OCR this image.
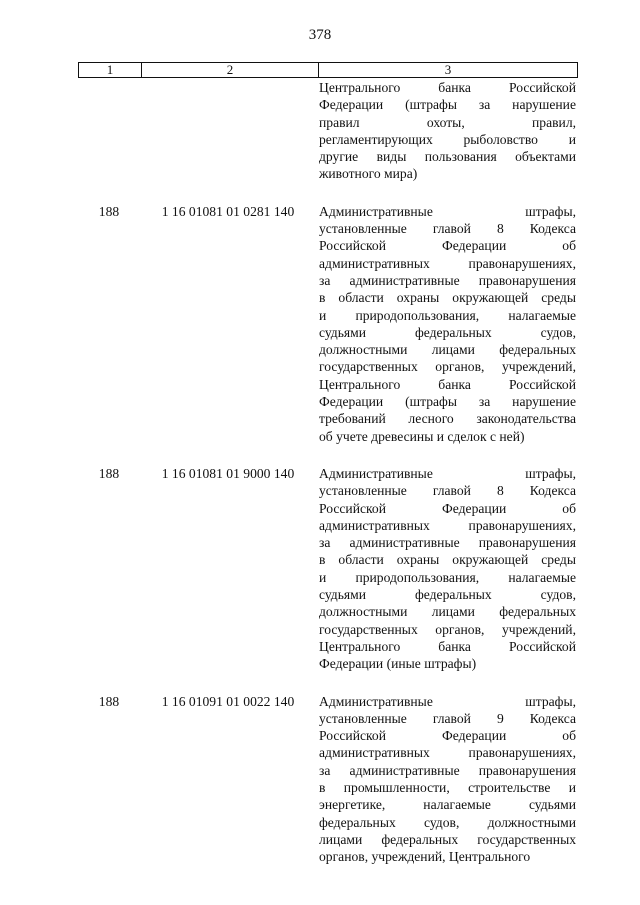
378
1	2	3
Центрального банка Российской
Федерации (штрафы за нарушение
правил охоты, правил,
регламентирующих рыболовство и
другие виды пользования объектами
животного мира)
188	1 16 01081 01 0281 140	Административные штрафы,
установленные главой 8 Кодекса
Российской Федерации об
административных правонарушениях,
за административные правонарушения
в области охраны окружающей среды
и природопользования, налагаемые
судьями федеральных судов,
должностными лицами федеральных
государственных органов, учреждений,
Центрального банка Российской
Федерации (штрафы за нарушение
требований лесного законодательства
об учете древесины и сделок с ней)
188	1 16 01081 01 9000 140	Административные штрафы,
установленные главой 8 Кодекса
Российской Федерации об
административных правонарушениях,
за административные правонарушения
в области охраны окружающей среды
и природопользования, налагаемые
судьями федеральных судов,
должностными лицами федеральных
государственных органов, учреждений,
Центрального банка Российской
Федерации (иные штрафы)
188	1 16 01091 01 0022 140	Административные штрафы,
установленные главой 9 Кодекса
Российской Федерации об
административных правонарушениях,
за административные правонарушения
в промышленности, строительстве и
энергетике, налагаемые судьями
федеральных судов, должностными
лицами федеральных государственных
органов, учреждений, Центрального
